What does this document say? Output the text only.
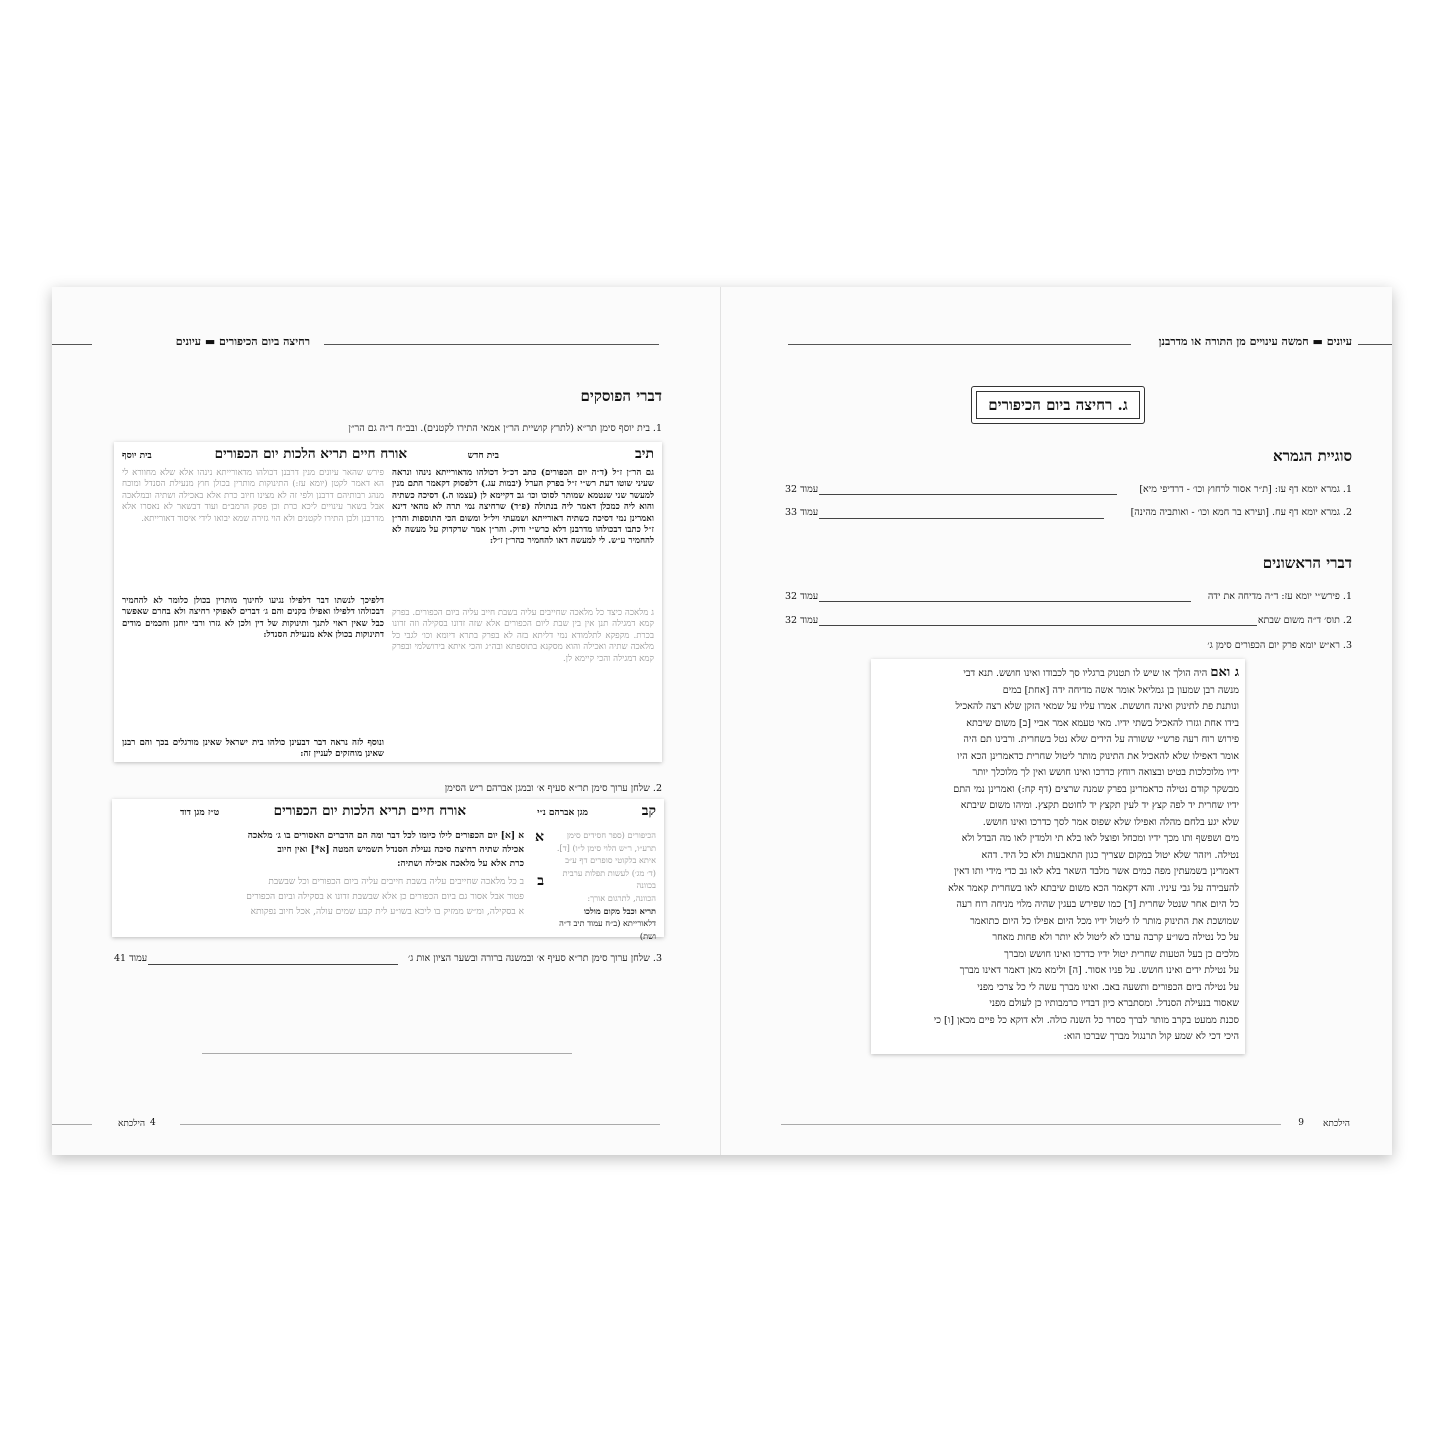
רחיצה ביום הכיפורים ▬ עיונים
דברי הפוסקים
1. בית יוסף סימן תר״א (לתרץ קושיית הר״ן אמאי התירו לקטנים). ובב״ח ד״ה גם הר״ן
תיב
בית חדש
אורח חיים תריא הלכות יום הכפורים
בית יוסף
גם הר״ן ז״ל (ד״ה יום הכפורים) כתב דכ״ל דכולהו מדאורייתא נינהו ונראה שעיני שוטו דעת רש״י ז״ל בפרק הערל (יבמות עג.) דלפסוק דקאמר התם מנין למעשר שני שנטמא שמותר לסוכו וכו׳ גב דקיימא לן (עצמו ה.) דסיכה כשתיה והוא ליה כמכלן דאמר ליה בנתולה (פ״ד) שרחיצה נמי תרה לא מהאי דינא ואמרינן נמי דסיכה כשתיה דאורייתא ושמעתי ויל״ל ומשום הכי התוספות והר״ן ז״ל כתבו דבכולהו מדרבנן דלא כרש״י ודוק. והר״ן אמר שדקדוק על מעשה לא להחמיר ע״ש. לי למעשה דאו להחמיר כהר״ן ז״ל:
ג מלאכה כיצד כל מלאכה שחייבים עליה בשבת חייב עליה ביום הכפורים. בפרק קמא דמגילה תנן אין בין שבת ליום הכפורים אלא שזה זדונו בסקילה וזה זדונו בכרת. מקפקא לתלמודא נמי דליתא בזה לא בפרק בתרא דיומא וכו׳ לגבי כל מלאכה שתיה ואכילה והוא מסקנא בתוספתא ובה״ג והכי איתא בירושלמי ובפרק קמא דמגילה והכי קיימא לן.
פירש שהאר עיונים מנין דרבנן דכולהו מדאורייתא נינהו אלא שלא מחוורא לי הא דאמר לקטן (יומא עז:) התינוקות מותרין בכולן חוץ מנעילת הסנדל ומוכח מנהג רבותיהם דרבנן ולפי זה לא מצינו חיוב כרת אלא באכילה ושתיה ובמלאכה אבל בשאר עינויים ליכא כרת וכן פסק הרמב״ם ועוד דבשאר לא נאסרו אלא מדרבנן ולכן התירו לקטנים ולא הוי גזירה שמא יבואו לידי איסור דאורייתא.
דלפיכך לנשתו דבר דלפילו נגיעו לחינוך מותרין בכולן כלומר לא להחמיר דבכולהו דלפילו ואפילו בקנים והם ג׳ דברים לאפוקי רחיצה ולא בחרם שאפשר כבל שאין ראוי לתנך ותינוקות של דין ולכן לא גזרו ורבי יוחנן וחכמים מודים דתינוקות בכולן אלא מנעילת הסנדל:
ונוסף לזה נראה דבר דבעינן כולהו בית ישראל שאינן מורגלים בכך והם רבנן שאינן מוחזקים לעניין זה:
2. שלחן ערוך סימן תר״א סעיף א׳ ובמגן אברהם ריש הסימן
קב
מגן אברהם נ״י
אורח חיים תריא הלכות יום הכפורים
ט״ז מגן דוד
א
ב
א [א] יום הכפורים לילו כיומו לכל דבר ומה הם הדברים האסורים בו ג׳ מלאכה
אכילה שתיה רחיצה סיכה נעילת הסנדל תשמיש המטה [א*] ואין חיוב
כרת אלא על מלאכה אכילה ושתיה:
ב כל מלאכה שחייבים עליה בשבת חייבים עליה ביום הכפורים וכל שבשבת
פטור אבל אסור גם ביום הכפורים כן אלא שבשבת זדונו א בסקילה וביום הכפורים
א בסקילה, ומ״ש ממזיק בו ליכא בשו״ע לית קבע שמים עולה, אכל חיוב נפקותא
הכיפורים (ספר חסידים סימן
תרע״ו, ר״ש הלוי סימן ל״ו) [ד].
איתא בלקוטי סופרים דף ע״ב
(ד׳ מג׳) לעשות תפלות ערבית בכוונה
הכוונה, לתרגום אורך:
תריא וכבל מקום מולכו
דלאורייתא (ב״ח עמוד תיב ד״ה ושת)
3. שלחן ערוך סימן תר״א סעיף א׳ ובמשנה ברורה ובשער הציון אות ג׳
עמוד 41
הילכתא 4
עיונים ▬ חמשה עינויים מן התורה או מדרבנן
ג. רחיצה ביום הכיפורים
סוגיית הגמרא
1. גמרא יומא דף עז: [ת״ר אסור לרחוץ וכו׳ - דרדיפי מיא]
עמוד 32
2. גמרא יומא דף עח. [ועירא בר חמא וכו׳ - ואותביה מהינה]
עמוד 33
דברי הראשונים
1. פירש״י יומא עז: ד״ה מדיחה את ידה
עמוד 32
2. תוס׳ ד״ה משום שבתא
עמוד 32
3. רא״ש יומא פרק יום הכפורים סימן ג׳
ג ואם היה הולך או שיש לו תטנוק ברגליו סך לכבודו ואינו חושש. תנא דבי
מנשה רבן שמעון בן גמליאל אומר אשה מדיחה ידה [אחת] במים
ונותנת פת לתינוק ואינה חוששת. אמרו עליו על שמאי הזקן שלא רצה להאכיל
בידו אחת וגזרו להאכיל בשתי ידיו. מאי טעמא אמר אביי [ב] משום שיבתא
פירוש רוח רעה פרש״י ששורה על הידים שלא נטל בשחרית. ורבינו תם היה
אומר דאפילו שלא להאכיל את התינוק מותר ליטול שחרית כדאמרינן הכא היו
ידיו מלוכלכות בטיט ובצואה רוחץ כדרכו ואינו חושש ואין לך מלוכלך יותר
מבשקר קודם נטילה כדאמרינן בפרק שמנה שרצים (דף קח:) ואמרינן נמי התם
ידיו שחרית יד לפה קצץ יד לעין תקצץ יד לחוטם תקצץ. ומיהו משום שיבתא
שלא יגע בלחם מהלה ואפילו שלא שפוס אמר לסך כדרכו ואינו חושש.
מים ושפשף ותו מכך ידיו ומכחל ופוצל לאו בלא תי ולמדין לאו מה הבדל ולא
נטילה. ויזהר שלא יטול במקום שצריך כגון התאבעות ולא כל היד. דהא
דאמרינן בשמעתין מפה כמים אשר מלבד השאר בלא לאו גב כדי מידי ותו דאין
להעבירה על גבי עיניו. והא דקאמר הכא משום שיבתא לאו בשחרית קאמר אלא
כל היום אחר שנטל שחרית [ד] כמו שפירש בעגין שהיה מלוי מניחה רוח רעה
שמושכת את התינוק מותר לו ליטול ידיו מכל היום אפילו כל היום כתואמר
על כל נטילה בשו״ע קרבה ערבו לא ליטול לא יותר ולא פחות מאחר
מלכים כן בעל הטעות שחרית יטול ידיו כדרכו ואינו חושש ומברך
על נטילת ידים ואינו חושש. על פניו אסור. [ה] ולימא מאן דאמר דאינו מברך
על נטילה ביום הכפורים ותשעה באב. ואינו מברך עשה לי כל צרכי מפני
שאסור בנעילת הסנדל. ומסתברא כיון דבדיו כרמבותיו כן לעולם מפני
סכנת ממעט בקרב מותר לברך כסדר כל השנה כולה. ולא דוקא כל פיים מכאן [ו] כי
היכי דכי לא שמע קול תרנגול מברך שברכו הוא:
9 הילכתא
